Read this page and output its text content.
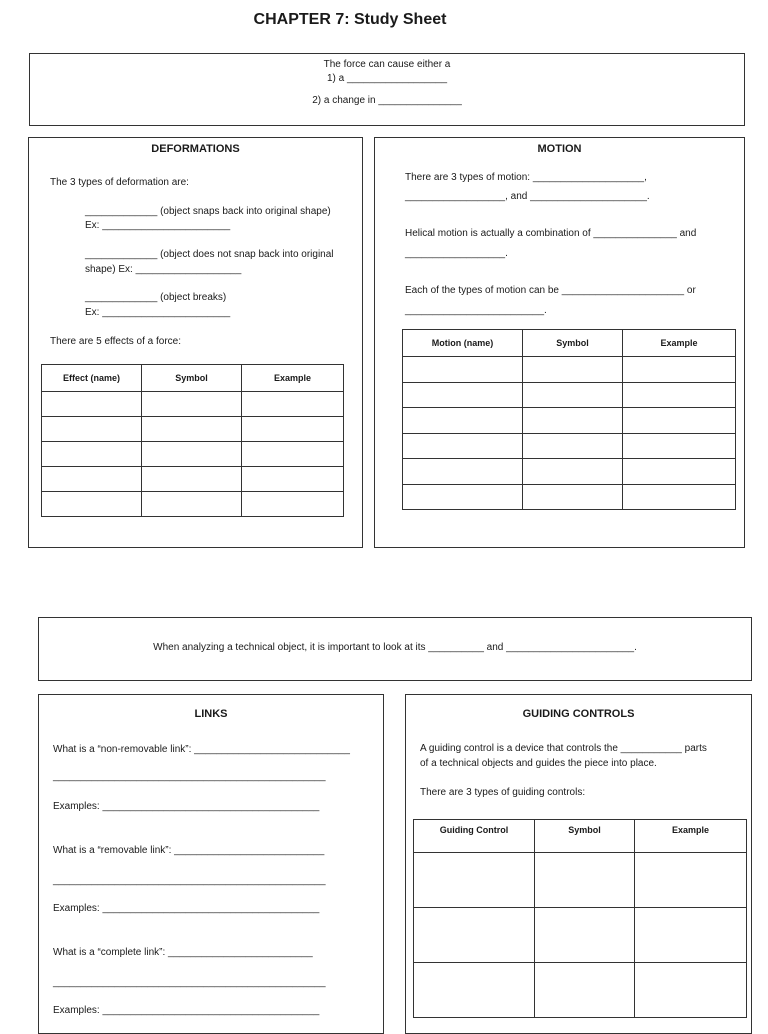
CHAPTER 7: Study Sheet
The force can cause either a
1) a __________________
2) a change in _______________
DEFORMATIONS
The 3 types of deformation are:
_____________ (object snaps back into original shape)
Ex: _______________________
_____________ (object does not snap back into original
shape) Ex: ___________________
_____________ (object breaks)
Ex: _______________________
There are 5 effects of a force:
Effect (name)	Symbol	Example

MOTION
There are 3 types of motion: ____________________,
__________________, and _____________________.
Helical motion is actually a combination of _______________ and
__________________.
Each of the types of motion can be ______________________ or
_________________________.
Motion (name)	Symbol	Example

When analyzing a technical object, it is important to look at its __________ and _______________________.
LINKS
What is a “non-removable link”: ____________________________
_________________________________________________
Examples: _______________________________________
What is a “removable link”: ___________________________
_________________________________________________
Examples: _______________________________________
What is a “complete link”: __________________________
_________________________________________________
Examples: _______________________________________
GUIDING CONTROLS
A guiding control is a device that controls the ___________ parts
of a technical objects and guides the piece into place.
There are 3 types of guiding controls:
Guiding Control	Symbol	Example
